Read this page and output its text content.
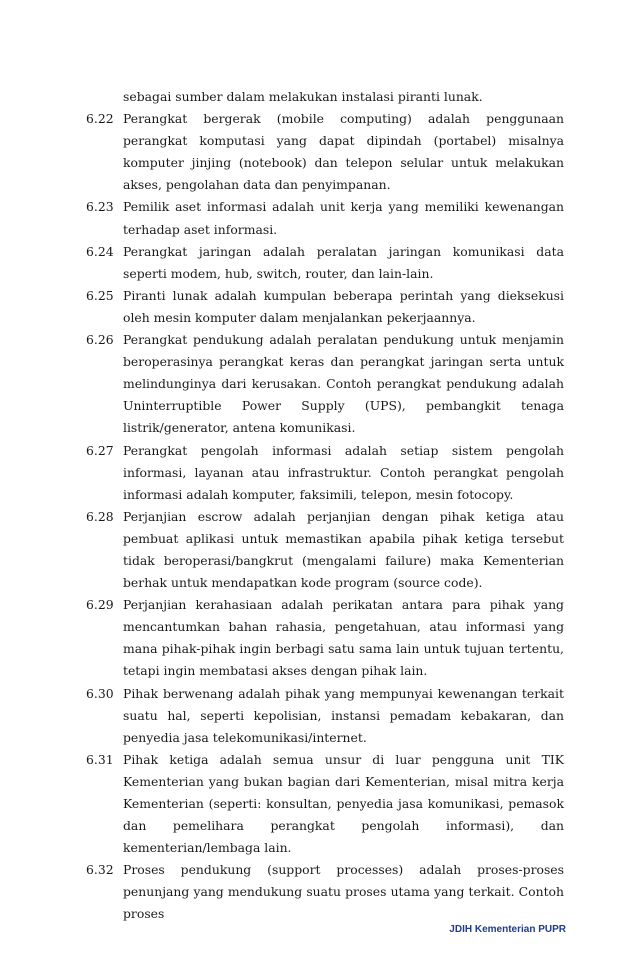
sebagai sumber dalam melakukan instalasi piranti lunak.
6.22 Perangkat bergerak (mobile computing) adalah penggunaan perangkat komputasi yang dapat dipindah (portabel) misalnya komputer jinjing (notebook) dan telepon selular untuk melakukan akses, pengolahan data dan penyimpanan.
6.23 Pemilik aset informasi adalah unit kerja yang memiliki kewenangan terhadap aset informasi.
6.24 Perangkat jaringan adalah peralatan jaringan komunikasi data seperti modem, hub, switch, router, dan lain-lain.
6.25 Piranti lunak adalah kumpulan beberapa perintah yang dieksekusi oleh mesin komputer dalam menjalankan pekerjaannya.
6.26 Perangkat pendukung adalah peralatan pendukung untuk menjamin beroperasinya perangkat keras dan perangkat jaringan serta untuk melindunginya dari kerusakan. Contoh perangkat pendukung adalah Uninterruptible Power Supply (UPS), pembangkit tenaga listrik/generator, antena komunikasi.
6.27 Perangkat pengolah informasi adalah setiap sistem pengolah informasi, layanan atau infrastruktur. Contoh perangkat pengolah informasi adalah komputer, faksimili, telepon, mesin fotocopy.
6.28 Perjanjian escrow adalah perjanjian dengan pihak ketiga atau pembuat aplikasi untuk memastikan apabila pihak ketiga tersebut tidak beroperasi/bangkrut (mengalami failure) maka Kementerian berhak untuk mendapatkan kode program (source code).
6.29 Perjanjian kerahasiaan adalah perikatan antara para pihak yang mencantumkan bahan rahasia, pengetahuan, atau informasi yang mana pihak-pihak ingin berbagi satu sama lain untuk tujuan tertentu, tetapi ingin membatasi akses dengan pihak lain.
6.30 Pihak berwenang adalah pihak yang mempunyai kewenangan terkait suatu hal, seperti kepolisian, instansi pemadam kebakaran, dan penyedia jasa telekomunikasi/internet.
6.31 Pihak ketiga adalah semua unsur di luar pengguna unit TIK Kementerian yang bukan bagian dari Kementerian, misal mitra kerja Kementerian (seperti: konsultan, penyedia jasa komunikasi, pemasok dan pemelihara perangkat pengolah informasi), dan kementerian/lembaga lain.
6.32 Proses pendukung (support processes) adalah proses-proses penunjang yang mendukung suatu proses utama yang terkait. Contoh proses
JDIH Kementerian PUPR
